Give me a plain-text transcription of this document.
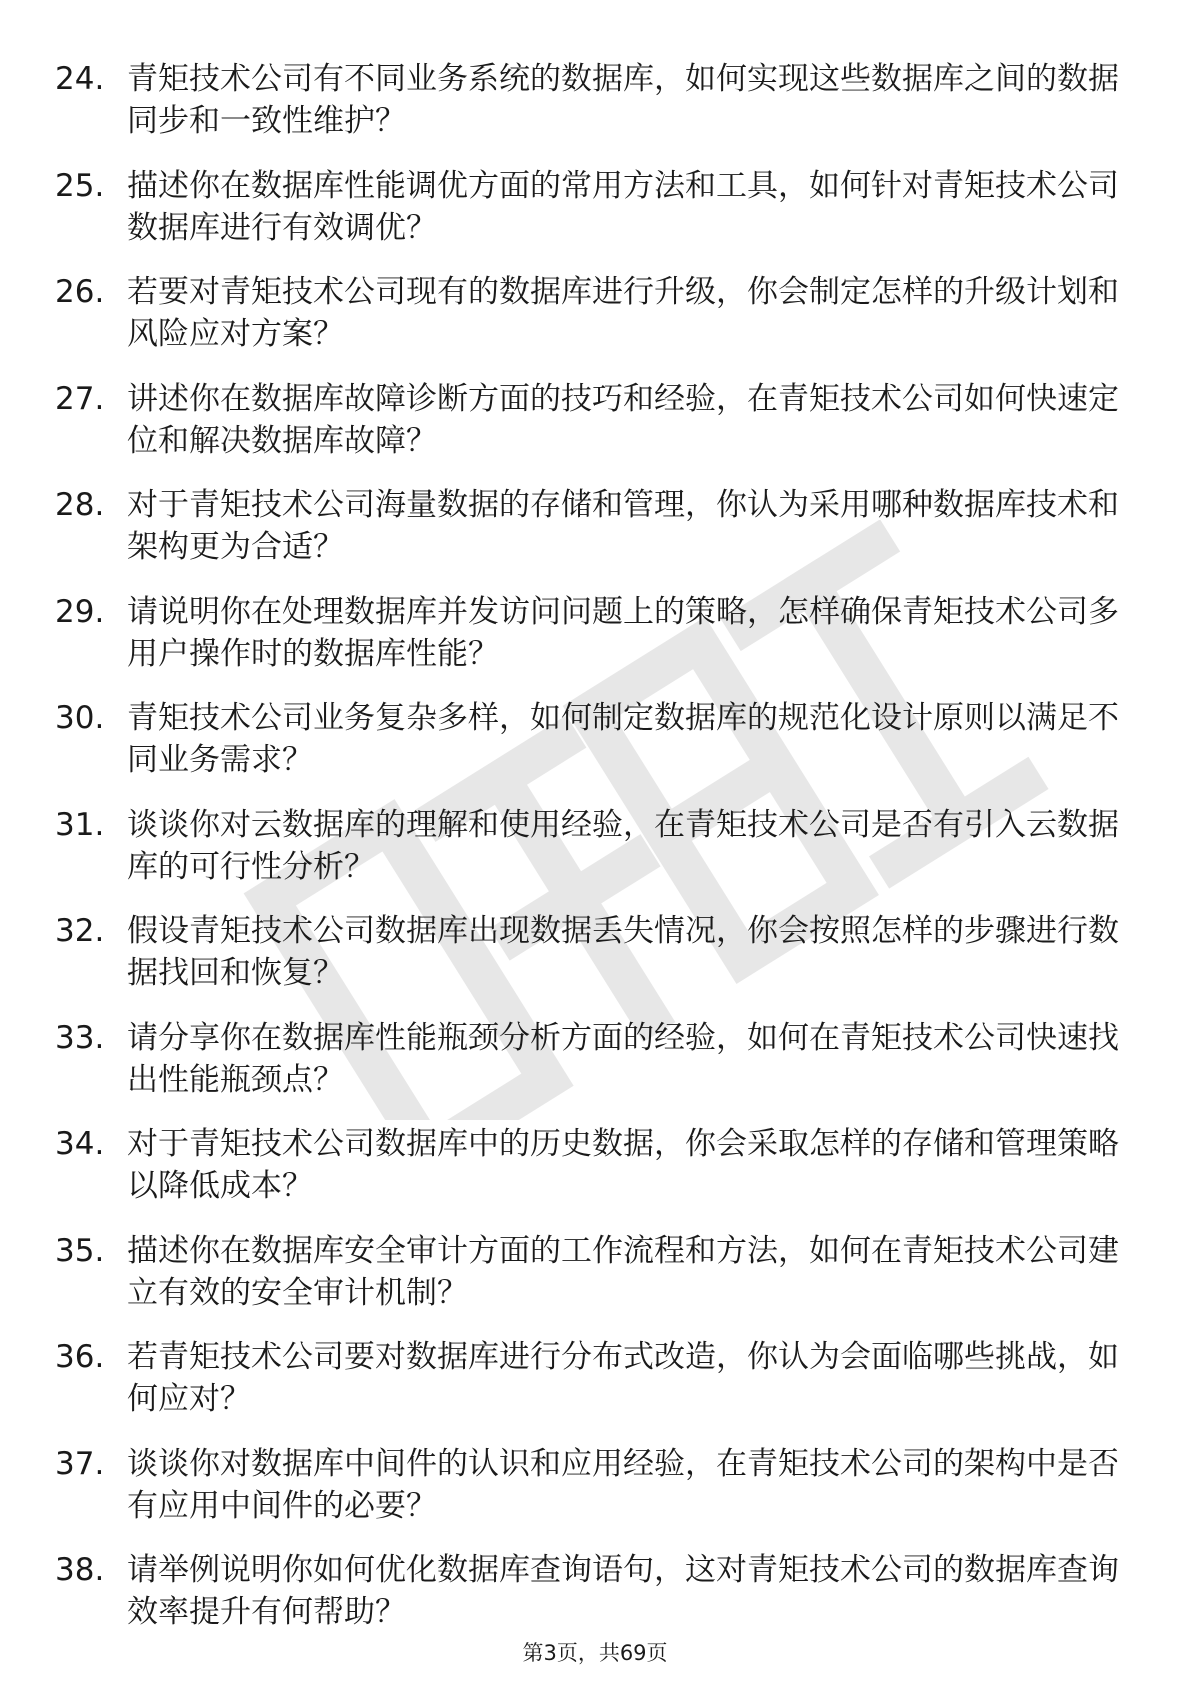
24. 青矩技术公司有不同业务系统的数据库，如何实现这些数据库之间的数据同步和一致性维护？
25. 描述你在数据库性能调优方面的常用方法和工具，如何针对青矩技术公司数据库进行有效调优？
26. 若要对青矩技术公司现有的数据库进行升级，你会制定怎样的升级计划和风险应对方案？
27. 讲述你在数据库故障诊断方面的技巧和经验，在青矩技术公司如何快速定位和解决数据库故障？
28. 对于青矩技术公司海量数据的存储和管理，你认为采用哪种数据库技术和架构更为合适？
29. 请说明你在处理数据库并发访问问题上的策略，怎样确保青矩技术公司多用户操作时的数据库性能？
30. 青矩技术公司业务复杂多样，如何制定数据库的规范化设计原则以满足不同业务需求？
31. 谈谈你对云数据库的理解和使用经验，在青矩技术公司是否有引入云数据库的可行性分析？
32. 假设青矩技术公司数据库出现数据丢失情况，你会按照怎样的步骤进行数据找回和恢复？
33. 请分享你在数据库性能瓶颈分析方面的经验，如何在青矩技术公司快速找出性能瓶颈点？
34. 对于青矩技术公司数据库中的历史数据，你会采取怎样的存储和管理策略以降低成本？
35. 描述你在数据库安全审计方面的工作流程和方法，如何在青矩技术公司建立有效的安全审计机制？
36. 若青矩技术公司要对数据库进行分布式改造，你认为会面临哪些挑战，如何应对？
37. 谈谈你对数据库中间件的认识和应用经验，在青矩技术公司的架构中是否有应用中间件的必要？
38. 请举例说明你如何优化数据库查询语句，这对青矩技术公司的数据库查询效率提升有何帮助？
第3页，共69页
